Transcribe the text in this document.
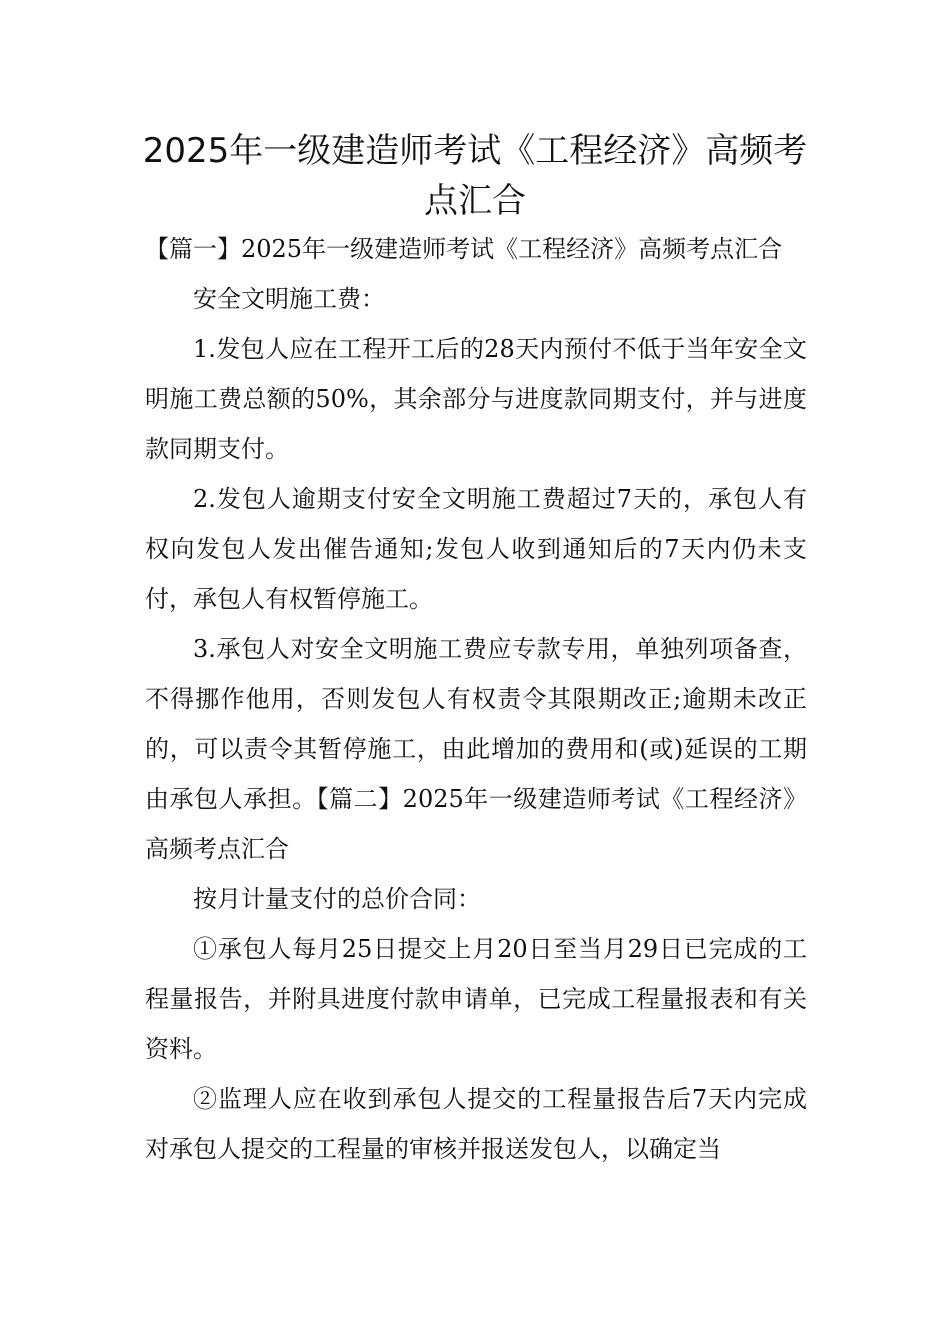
2025年一级建造师考试《工程经济》高频考点汇合

【篇一】2025年一级建造师考试《工程经济》高频考点汇合

安全文明施工费：

1.发包人应在工程开工后的28天内预付不低于当年安全文明施工费总额的50%，其余部分与进度款同期支付，并与进度款同期支付。

2.发包人逾期支付安全文明施工费超过7天的，承包人有权向发包人发出催告通知;发包人收到通知后的7天内仍未支付，承包人有权暂停施工。

3.承包人对安全文明施工费应专款专用，单独列项备查，不得挪作他用，否则发包人有权责令其限期改正;逾期未改正的，可以责令其暂停施工，由此增加的费用和(或)延误的工期由承包人承担。【篇二】2025年一级建造师考试《工程经济》高频考点汇合

按月计量支付的总价合同：

①承包人每月25日提交上月20日至当月29日已完成的工程量报告，并附具进度付款申请单，已完成工程量报表和有关资料。

②监理人应在收到承包人提交的工程量报告后7天内完成对承包人提交的工程量的审核并报送发包人，以确定当
